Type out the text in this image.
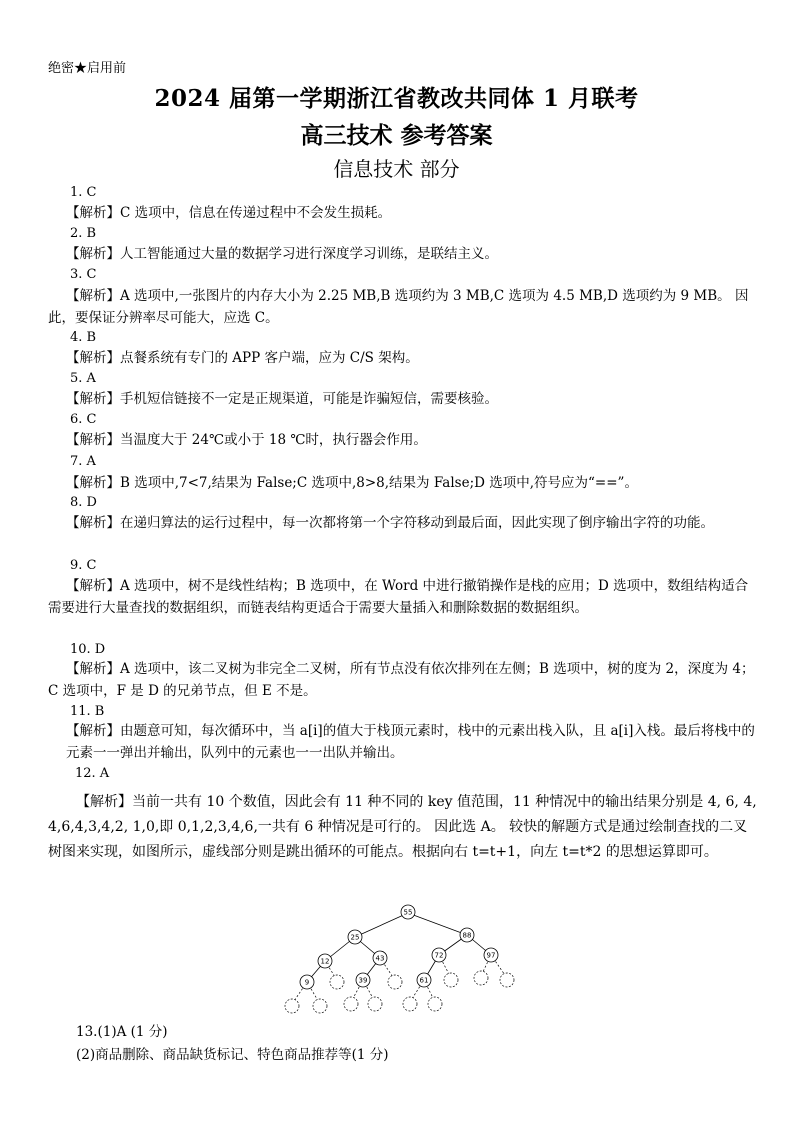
绝密★启用前
2024 届第一学期浙江省教改共同体 1 月联考
高三技术 参考答案
信息技术 部分
1. C
【解析】C 选项中，信息在传递过程中不会发生损耗。
2. B
【解析】人工智能通过大量的数据学习进行深度学习训练，是联结主义。
3. C
【解析】A 选项中,一张图片的内存大小为 2.25 MB,B 选项约为 3 MB,C 选项为 4.5 MB,D 选项约为 9 MB。 因此，要保证分辨率尽可能大，应选 C。
4. B
【解析】点餐系统有专门的 APP 客户端，应为 C/S 架构。
5. A
【解析】手机短信链接不一定是正规渠道，可能是诈骗短信，需要核验。
6. C
【解析】当温度大于 24℃或小于 18 ℃时，执行器会作用。
7. A
【解析】B 选项中,7<7,结果为 False;C 选项中,8>8,结果为 False;D 选项中,符号应为“==”。
8. D
【解析】在递归算法的运行过程中，每一次都将第一个字符移动到最后面，因此实现了倒序输出字符的功能。
9. C
【解析】A 选项中，树不是线性结构；B 选项中，在 Word 中进行撤销操作是栈的应用；D 选项中，数组结构适合需要进行大量查找的数据组织，而链表结构更适合于需要大量插入和删除数据的数据组织。
10. D
【解析】A 选项中，该二叉树为非完全二叉树，所有节点没有依次排列在左侧；B 选项中，树的度为 2，深度为 4；C 选项中，F 是 D 的兄弟节点，但 E 不是。
11. B
【解析】由题意可知，每次循环中，当 a[i]的值大于栈顶元素时，栈中的元素出栈入队，且 a[i]入栈。最后将栈中的元素一一弹出并输出，队列中的元素也一一出队并输出。
12. A
【解析】当前一共有 10 个数值，因此会有 11 种不同的 key 值范围，11 种情况中的输出结果分别是 4, 6, 4, 4,6,4,3,4,2, 1,0,即 0,1,2,3,4,6,一共有 6 种情况是可行的。 因此选 A。 较快的解题方式是通过绘制查找的二叉树图来实现，如图所示，虚线部分则是跳出循环的可能点。根据向右 t=t+1，向左 t=t*2 的思想运算即可。
55
25	88
12	43	72	97
9	39	61
13.(1)A (1 分)
(2)商品删除、商品缺货标记、特色商品推荐等(1 分)
